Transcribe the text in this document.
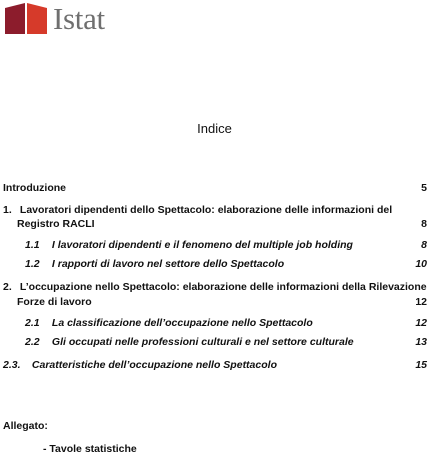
Istat
Indice
Introduzione	5
1. Lavoratori dipendenti dello Spettacolo: elaborazione delle informazioni del
Registro RACLI	8
1.1 I lavoratori dipendenti e il fenomeno del multiple job holding	8
1.2 I rapporti di lavoro nel settore dello Spettacolo	10
2. L’occupazione nello Spettacolo: elaborazione delle informazioni della Rilevazione
Forze di lavoro	12
2.1 La classificazione dell’occupazione nello Spettacolo	12
2.2 Gli occupati nelle professioni culturali e nel settore culturale	13
2.3. Caratteristiche dell’occupazione nello Spettacolo	15
Allegato:
- Tavole statistiche
